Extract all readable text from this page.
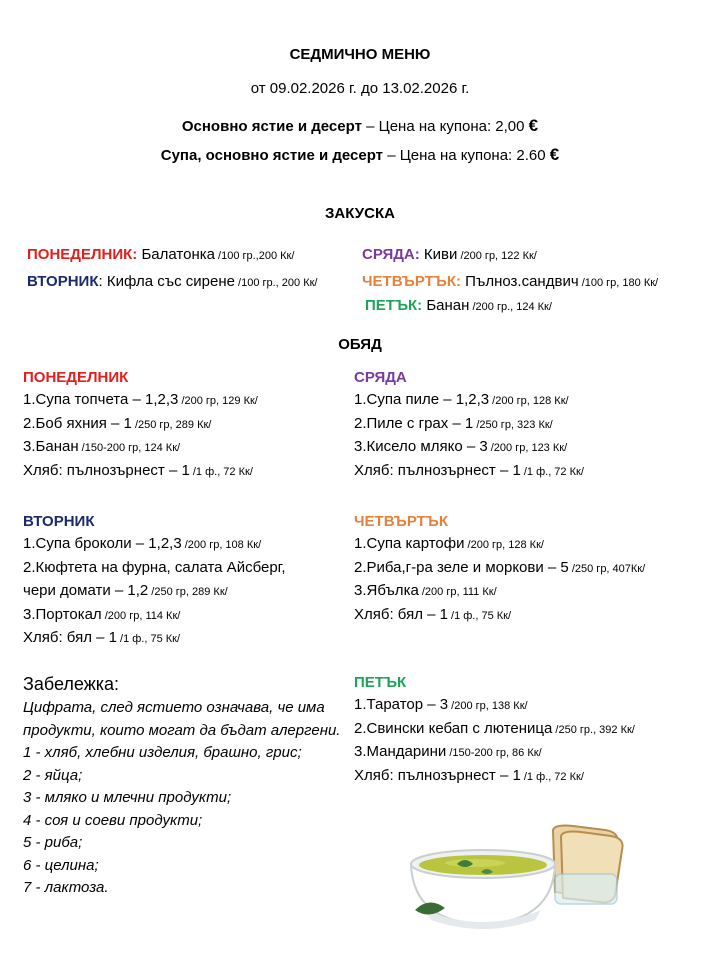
СЕДМИЧНО МЕНЮ
от 09.02.2026 г. до 13.02.2026 г.
Основно ястие и десерт – Цена на купона: 2,00 €
Супа, основно ястие и десерт – Цена на купона: 2.60 €
ЗАКУСКА
ПОНЕДЕЛНИК: Балатонка /100 гр.,200 Кк/
ВТОРНИК: Кифла със сирене /100 гр., 200 Кк/
СРЯДА: Киви /200 гр, 122 Кк/
ЧЕТВЪРТЪК: Пълноз.сандвич /100 гр, 180 Кк/
ПЕТЪК: Банан /200 гр., 124 Кк/
ОБЯД
ПОНЕДЕЛНИК
1.Супа топчета – 1,2,3 /200 гр, 129 Кк/
2.Боб яхния – 1 /250 гр, 289 Кк/
3.Банан /150-200 гр, 124 Кк/
Хляб: пълнозърнест – 1 /1 ф., 72 Кк/
ВТОРНИК
1.Супа броколи – 1,2,3 /200 гр, 108 Кк/
2.Кюфтета на фурна, салата Айсберг,
чери домати – 1,2 /250 гр, 289 Кк/
3.Портокал /200 гр, 114 Кк/
Хляб: бял – 1 /1 ф., 75 Кк/
СРЯДА
1.Супа пиле – 1,2,3 /200 гр, 128 Кк/
2.Пиле с грах – 1 /250 гр, 323 Кк/
3.Кисело мляко – 3 /200 гр, 123 Кк/
Хляб: пълнозърнест – 1 /1 ф., 72 Кк/
ЧЕТВЪРТЪК
1.Супа картофи /200 гр, 128 Кк/
2.Риба,г-ра зеле и моркови – 5 /250 гр, 407Кк/
3.Ябълка /200 гр, 111 Кк/
Хляб: бял – 1 /1 ф., 75 Кк/
ПЕТЪК
1.Таратор – 3 /200 гр, 138 Кк/
2.Свински кебап с лютеница /250 гр., 392 Кк/
3.Мандарини /150-200 гр, 86 Кк/
Хляб: пълнозърнест – 1 /1 ф., 72 Кк/
Забележка:
Цифрата, след ястието означава, че има продукти, които могат да бъдат алергени.
1 - хляб, хлебни изделия, брашно, грис;
2 - яйца;
3 - мляко и млечни продукти;
4 - соя и соеви продукти;
5 - риба;
6 - целина;
7 - лактоза.
